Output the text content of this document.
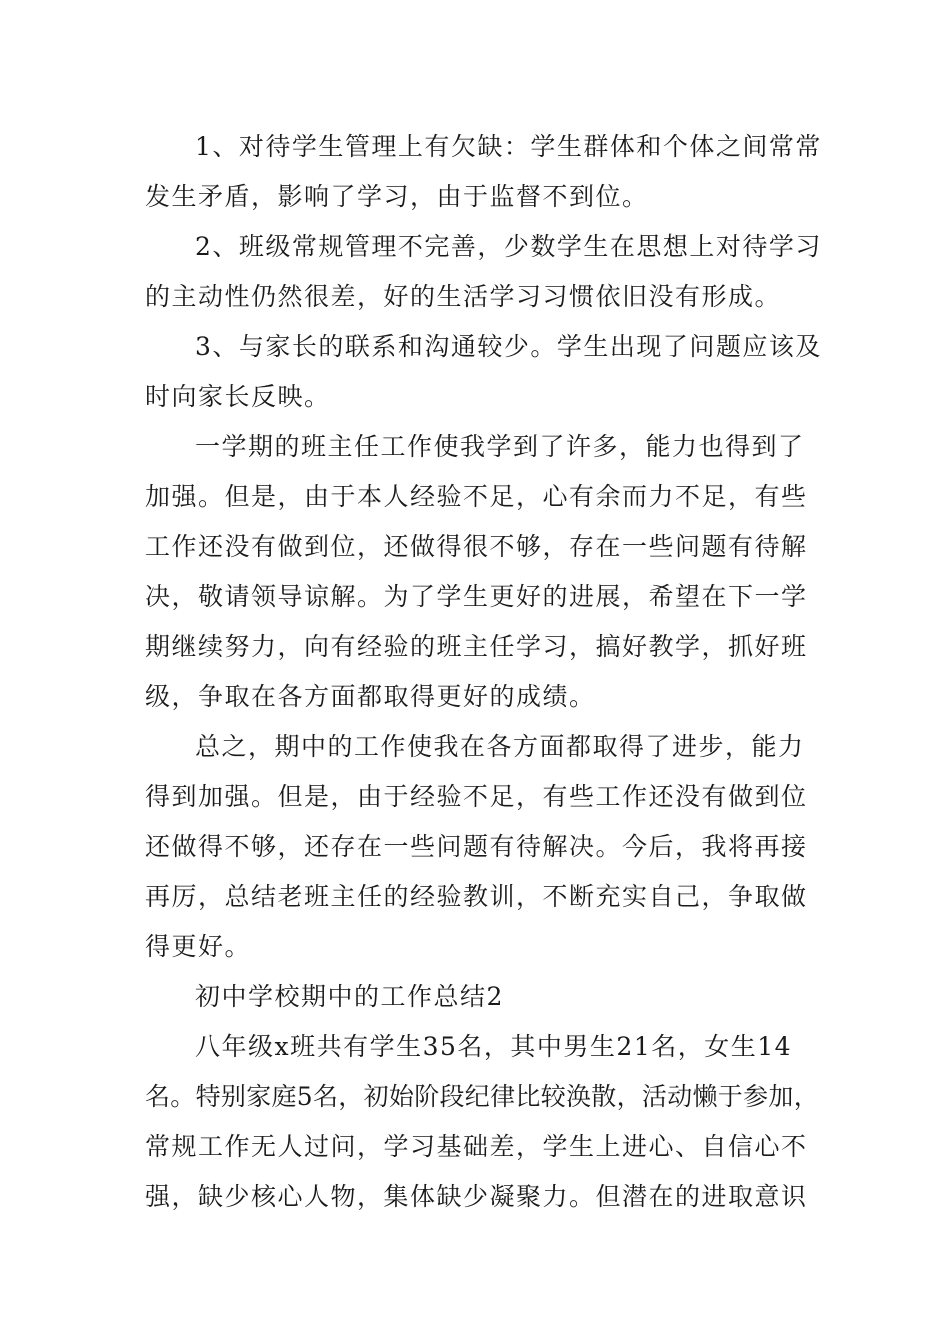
1、对待学生管理上有欠缺：学生群体和个体之间常常
发生矛盾，影响了学习，由于监督不到位。
2、班级常规管理不完善，少数学生在思想上对待学习
的主动性仍然很差，好的生活学习习惯依旧没有形成。
3、与家长的联系和沟通较少。学生出现了问题应该及
时向家长反映。
一学期的班主任工作使我学到了许多，能力也得到了
加强。但是，由于本人经验不足，心有余而力不足，有些
工作还没有做到位，还做得很不够，存在一些问题有待解
决，敬请领导谅解。为了学生更好的进展，希望在下一学
期继续努力，向有经验的班主任学习，搞好教学，抓好班
级，争取在各方面都取得更好的成绩。
总之，期中的工作使我在各方面都取得了进步，能力
得到加强。但是，由于经验不足，有些工作还没有做到位
还做得不够，还存在一些问题有待解决。今后，我将再接
再厉，总结老班主任的经验教训，不断充实自己，争取做
得更好。
初中学校期中的工作总结2
八年级x班共有学生35名，其中男生21名，女生14
名。特别家庭5名，初始阶段纪律比较涣散，活动懒于参加，
常规工作无人过问，学习基础差，学生上进心、自信心不
强，缺少核心人物，集体缺少凝聚力。但潜在的进取意识
